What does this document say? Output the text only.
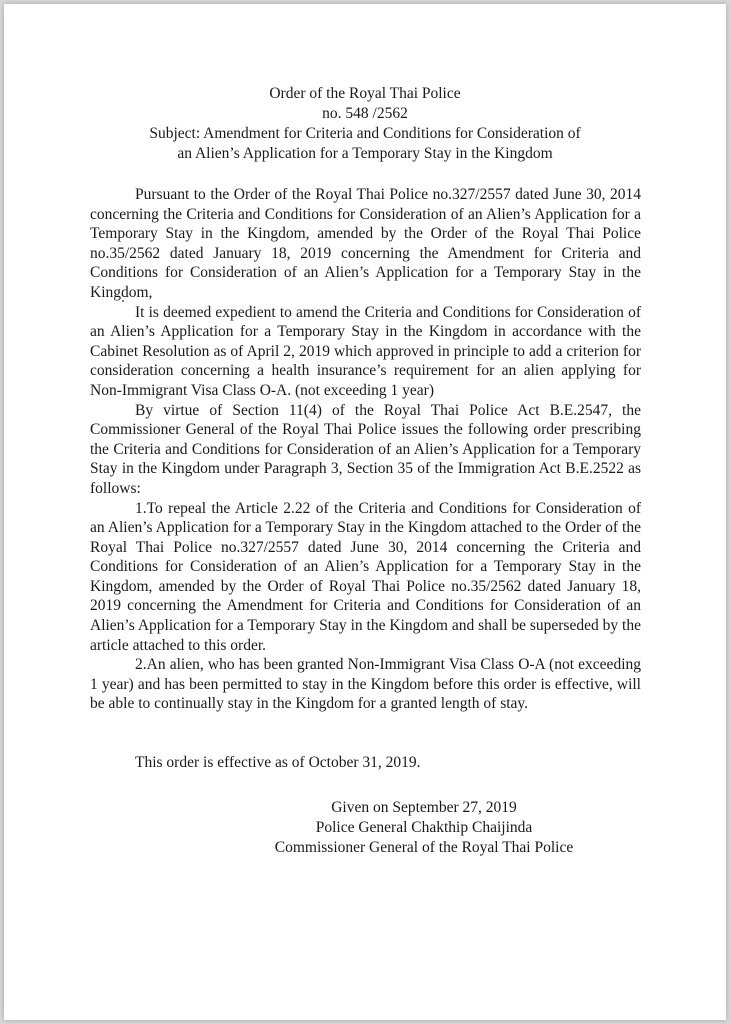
Order of the Royal Thai Police
no. 548 /2562
Subject: Amendment for Criteria and Conditions for Consideration of
an Alien’s Application for a Temporary Stay in the Kingdom

Pursuant to the Order of the Royal Thai Police no.327/2557 dated June 30, 2014 concerning the Criteria and Conditions for Consideration of an Alien’s Application for a Temporary Stay in the Kingdom, amended by the Order of the Royal Thai Police no.35/2562 dated January 18, 2019 concerning the Amendment for Criteria and Conditions for Consideration of an Alien’s Application for a Temporary Stay in the Kingdom,

It is deemed expedient to amend the Criteria and Conditions for Consideration of an Alien’s Application for a Temporary Stay in the Kingdom in accordance with the Cabinet Resolution as of April 2, 2019 which approved in principle to add a criterion for consideration concerning a health insurance’s requirement for an alien applying for Non-Immigrant Visa Class O-A. (not exceeding 1 year)

By virtue of Section 11(4) of the Royal Thai Police Act B.E.2547, the Commissioner General of the Royal Thai Police issues the following order prescribing the Criteria and Conditions for Consideration of an Alien’s Application for a Temporary Stay in the Kingdom under Paragraph 3, Section 35 of the Immigration Act B.E.2522 as follows:

1.To repeal the Article 2.22 of the Criteria and Conditions for Consideration of an Alien’s Application for a Temporary Stay in the Kingdom attached to the Order of the Royal Thai Police no.327/2557 dated June 30, 2014 concerning the Criteria and Conditions for Consideration of an Alien’s Application for a Temporary Stay in the Kingdom, amended by the Order of Royal Thai Police no.35/2562 dated January 18, 2019 concerning the Amendment for Criteria and Conditions for Consideration of an Alien’s Application for a Temporary Stay in the Kingdom and shall be superseded by the article attached to this order.

2.An alien, who has been granted Non-Immigrant Visa Class O-A (not exceeding 1 year) and has been permitted to stay in the Kingdom before this order is effective, will be able to continually stay in the Kingdom for a granted length of stay.

This order is effective as of October 31, 2019.
Given on September 27, 2019
Police General Chakthip Chaijinda
Commissioner General of the Royal Thai Police
